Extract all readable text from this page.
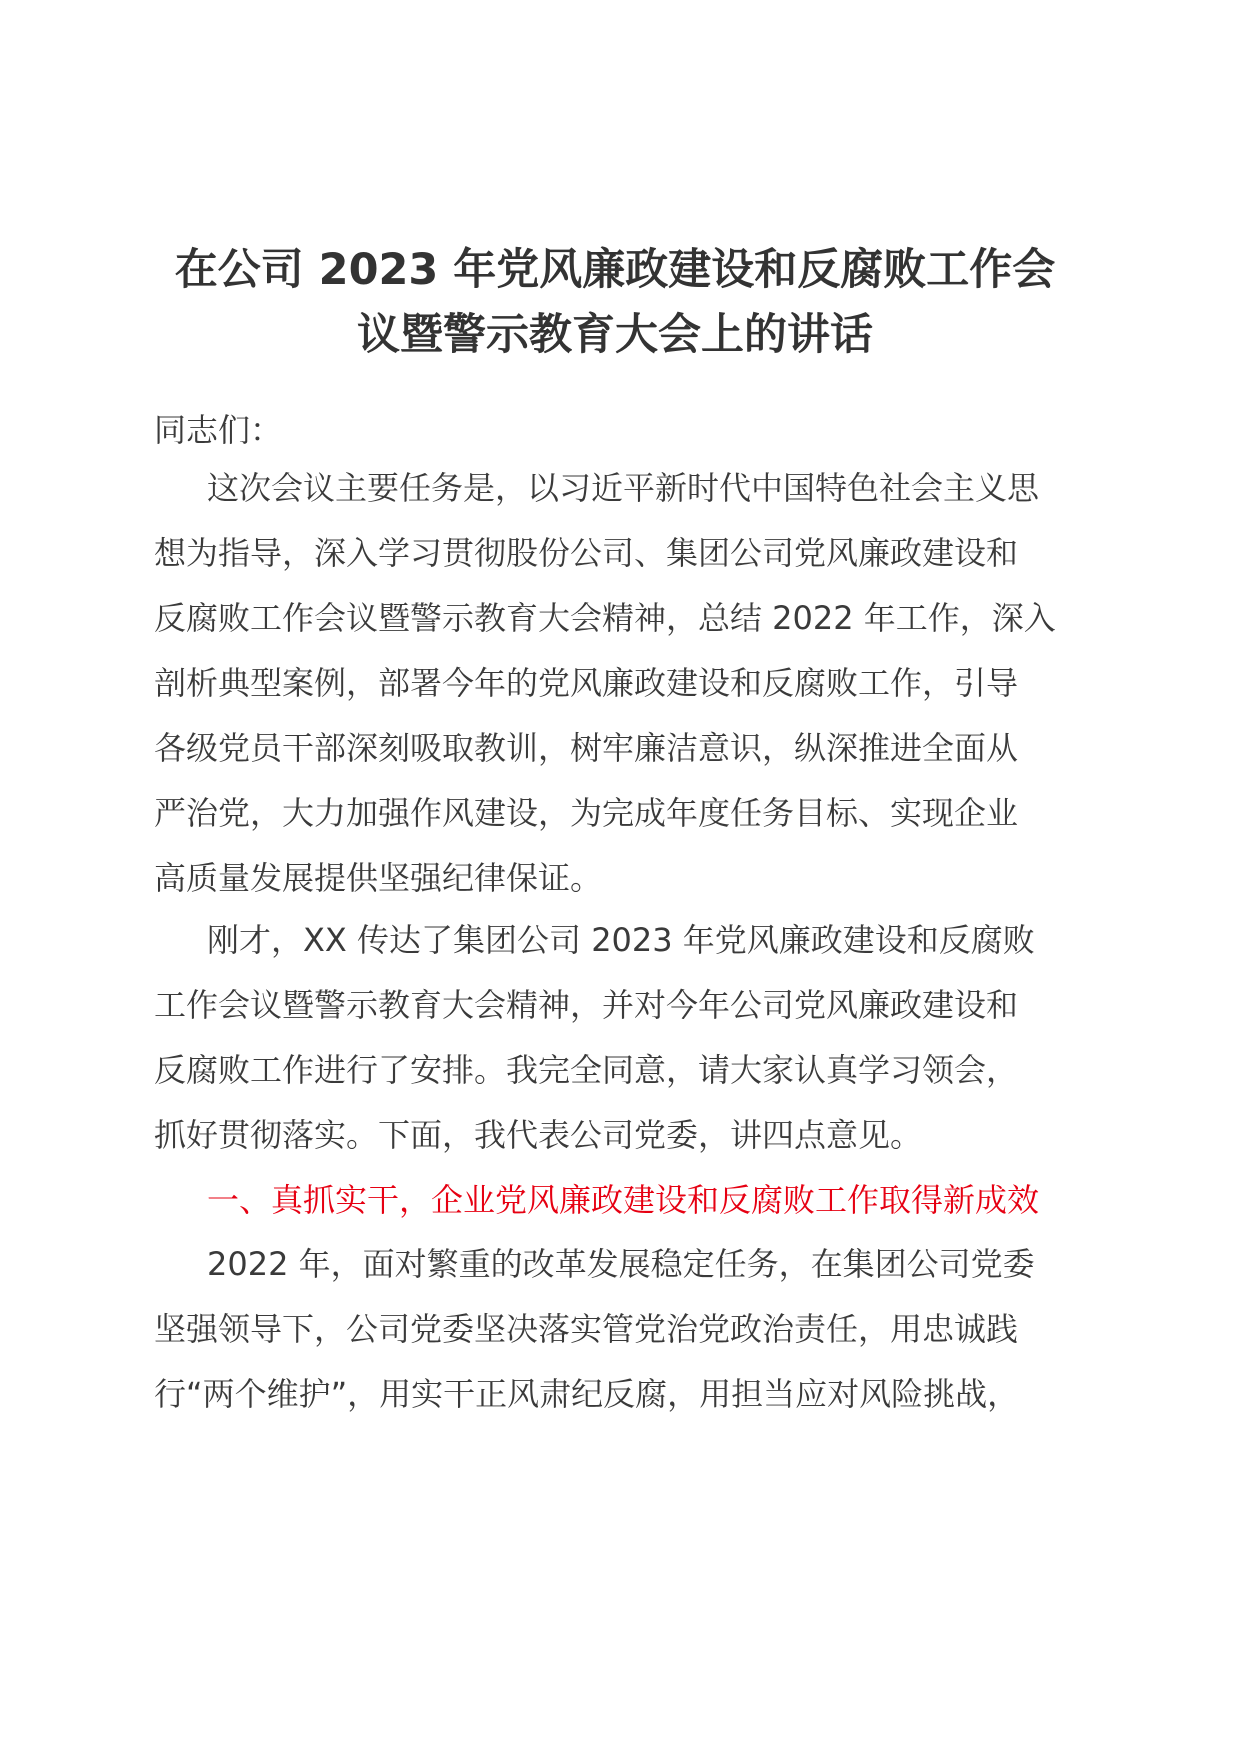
在公司 2023 年党风廉政建设和反腐败工作会
议暨警示教育大会上的讲话

同志们：

这次会议主要任务是，以习近平新时代中国特色社会主义思
想为指导，深入学习贯彻股份公司、集团公司党风廉政建设和
反腐败工作会议暨警示教育大会精神，总结 2022 年工作，深入
剖析典型案例，部署今年的党风廉政建设和反腐败工作，引导
各级党员干部深刻吸取教训，树牢廉洁意识，纵深推进全面从
严治党，大力加强作风建设，为完成年度任务目标、实现企业
高质量发展提供坚强纪律保证。

刚才，XX 传达了集团公司 2023 年党风廉政建设和反腐败
工作会议暨警示教育大会精神，并对今年公司党风廉政建设和
反腐败工作进行了安排。我完全同意，请大家认真学习领会，
抓好贯彻落实。下面，我代表公司党委，讲四点意见。

一、真抓实干，企业党风廉政建设和反腐败工作取得新成效

2022 年，面对繁重的改革发展稳定任务，在集团公司党委
坚强领导下，公司党委坚决落实管党治党政治责任，用忠诚践
行“两个维护”，用实干正风肃纪反腐，用担当应对风险挑战，
